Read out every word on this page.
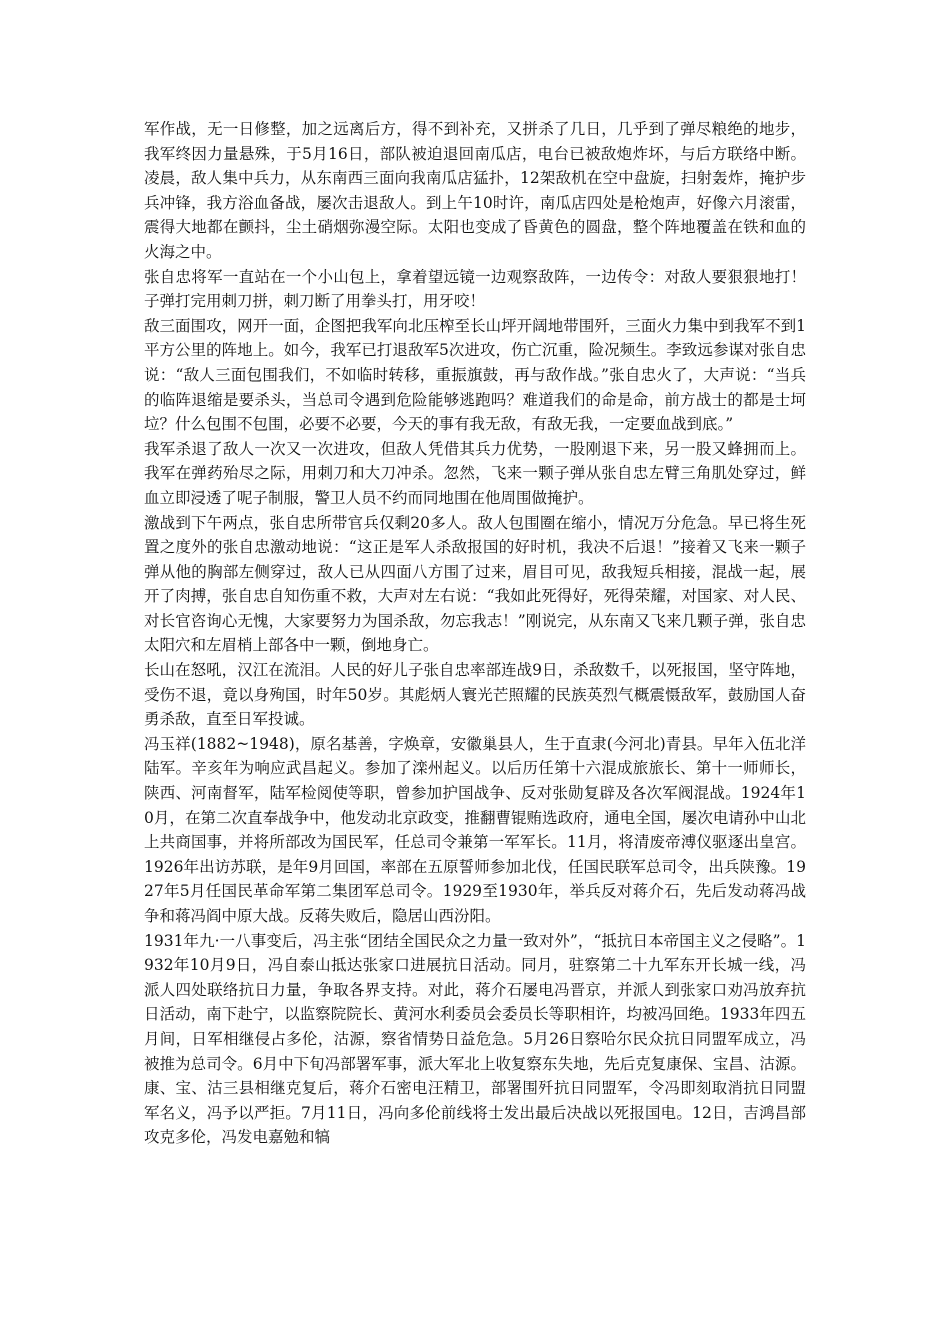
军作战，无一日修整，加之远离后方，得不到补充，又拼杀了几日，几乎到了弹尽粮绝的地步，我军终因力量悬殊，于5月16日，部队被迫退回南瓜店，电台已被敌炮炸坏，与后方联络中断。凌晨，敌人集中兵力，从东南西三面向我南瓜店猛扑，12架敌机在空中盘旋，扫射轰炸，掩护步兵冲锋，我方浴血备战，屡次击退敌人。到上午10时许，南瓜店四处是枪炮声，好像六月滚雷，震得大地都在颤抖，尘土硝烟弥漫空际。太阳也变成了昏黄色的圆盘，整个阵地覆盖在铁和血的火海之中。

张自忠将军一直站在一个小山包上，拿着望远镜一边观察敌阵，一边传令：对敌人要狠狠地打！子弹打完用刺刀拼，刺刀断了用拳头打，用牙咬！

敌三面围攻，网开一面，企图把我军向北压榨至长山坪开阔地带围歼，三面火力集中到我军不到1平方公里的阵地上。如今，我军已打退敌军5次进攻，伤亡沉重，险况频生。李致远参谋对张自忠说：“敌人三面包围我们，不如临时转移，重振旗鼓，再与敌作战。”张自忠火了，大声说：“当兵的临阵退缩是要杀头，当总司令遇到危险能够逃跑吗？难道我们的命是命，前方战士的都是士坷垃？什么包围不包围，必要不必要，今天的事有我无敌，有敌无我，一定要血战到底。”

我军杀退了敌人一次又一次进攻，但敌人凭借其兵力优势，一股刚退下来，另一股又蜂拥而上。我军在弹药殆尽之际，用刺刀和大刀冲杀。忽然，飞来一颗子弹从张自忠左臂三角肌处穿过，鲜血立即浸透了呢子制服，警卫人员不约而同地围在他周围做掩护。

激战到下午两点，张自忠所带官兵仅剩20多人。敌人包围圈在缩小，情况万分危急。早已将生死置之度外的张自忠激动地说：“这正是军人杀敌报国的好时机，我决不后退！”接着又飞来一颗子弹从他的胸部左侧穿过，敌人已从四面八方围了过来，眉目可见，敌我短兵相接，混战一起，展开了肉搏，张自忠自知伤重不救，大声对左右说：“我如此死得好，死得荣耀，对国家、对人民、对长官咨询心无愧，大家要努力为国杀敌，勿忘我志！”刚说完，从东南又飞来几颗子弹，张自忠太阳穴和左眉梢上部各中一颗，倒地身亡。

长山在怒吼，汉江在流泪。人民的好儿子张自忠率部连战9日，杀敌数千，以死报国，坚守阵地，受伤不退，竟以身殉国，时年50岁。其彪炳人寰光芒照耀的民族英烈气概震慑敌军，鼓励国人奋勇杀敌，直至日军投诚。

冯玉祥(1882~1948)，原名基善，字焕章，安徽巢县人，生于直隶(今河北)青县。早年入伍北洋陆军。辛亥年为响应武昌起义。参加了滦州起义。以后历任第十六混成旅旅长、第十一师师长，陕西、河南督军，陆军检阅使等职，曾参加护国战争、反对张勋复辟及各次军阀混战。1924年10月，在第二次直奉战争中，他发动北京政变，推翻曹锟贿选政府，通电全国，屡次电请孙中山北上共商国事，并将所部改为国民军，任总司令兼第一军军长。11月，将清废帝溥仪驱逐出皇宫。1926年出访苏联，是年9月回国，率部在五原誓师参加北伐，任国民联军总司令，出兵陕豫。1927年5月任国民革命军第二集团军总司令。1929至1930年，举兵反对蒋介石，先后发动蒋冯战争和蒋冯阎中原大战。反蒋失败后，隐居山西汾阳。

1931年九·一八事变后，冯主张“团结全国民众之力量一致对外”，“抵抗日本帝国主义之侵略”。1932年10月9日，冯自泰山抵达张家口进展抗日活动。同月，驻察第二十九军东开长城一线，冯派人四处联络抗日力量，争取各界支持。对此，蒋介石屡电冯晋京，并派人到张家口劝冯放弃抗日活动，南下赴宁，以监察院院长、黄河水利委员会委员长等职相许，均被冯回绝。1933年四五月间，日军相继侵占多伦，沽源，察省情势日益危急。5月26日察哈尔民众抗日同盟军成立，冯被推为总司令。6月中下旬冯部署军事，派大军北上收复察东失地，先后克复康保、宝昌、沽源。康、宝、沽三县相继克复后，蒋介石密电汪精卫，部署围歼抗日同盟军，令冯即刻取消抗日同盟军名义，冯予以严拒。7月11日，冯向多伦前线将士发出最后决战以死报国电。12日，吉鸿昌部攻克多伦，冯发电嘉勉和犒
